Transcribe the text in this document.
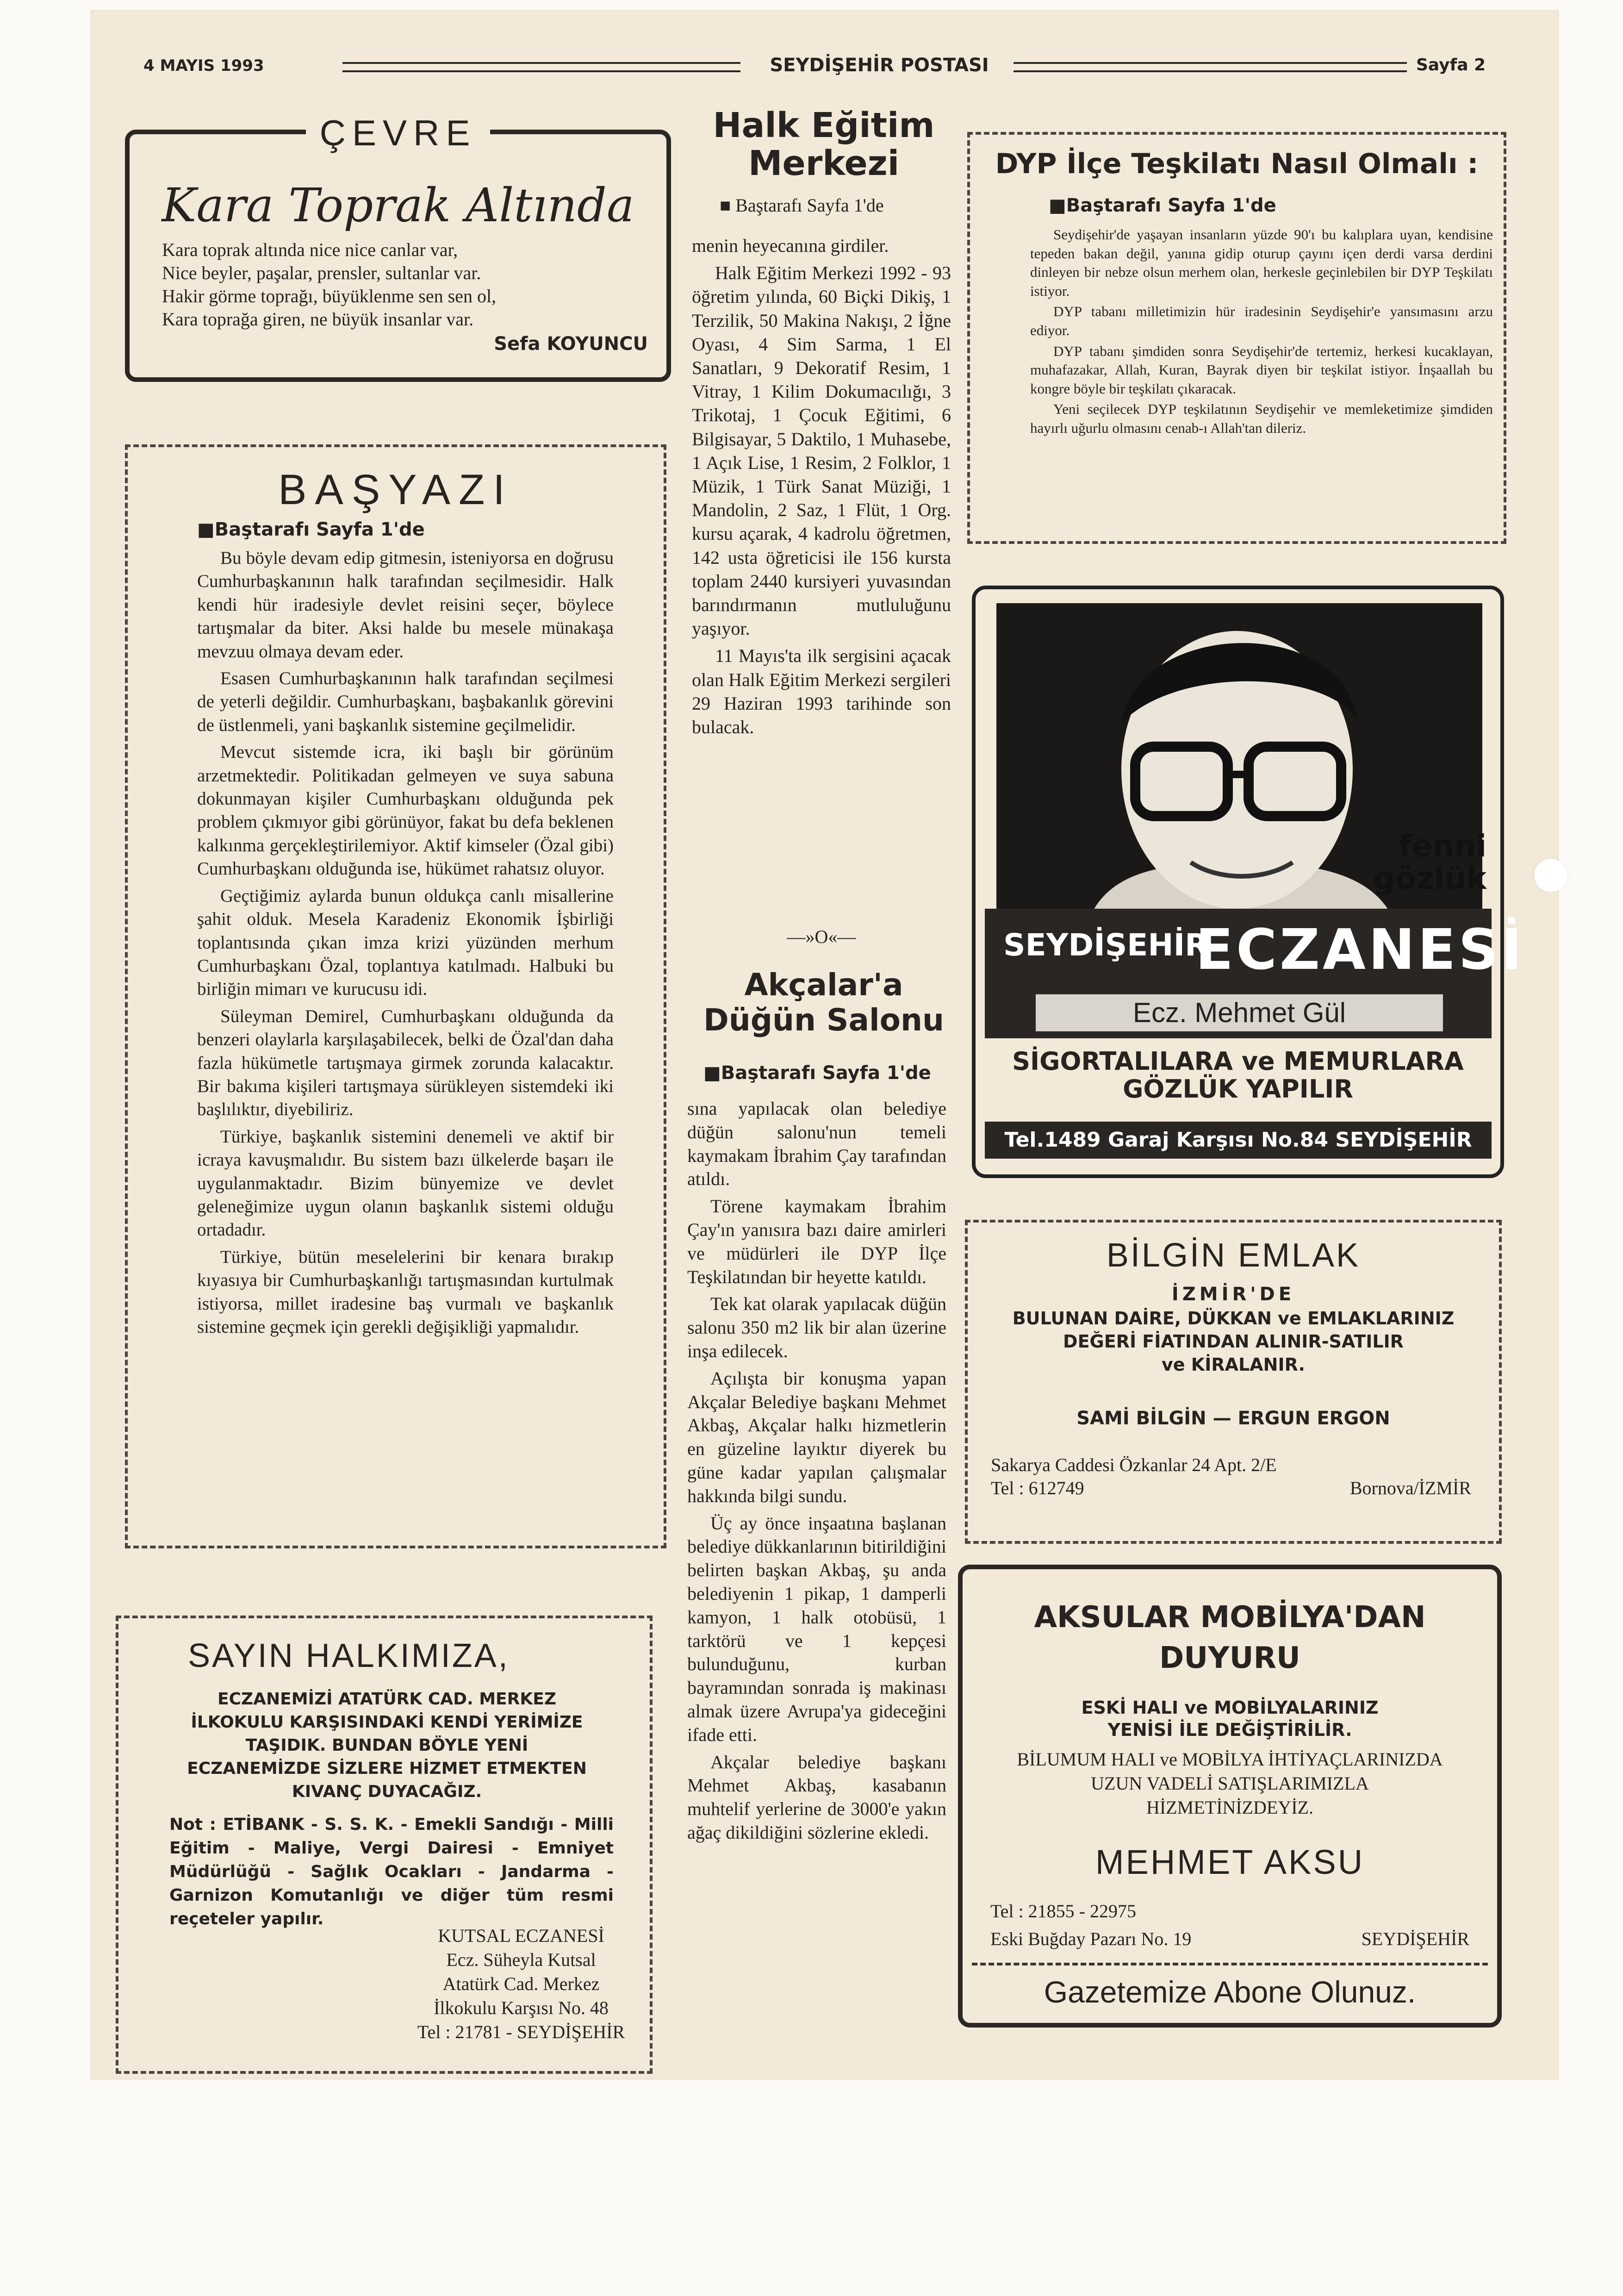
4 MAYIS 1993	SEYDİŞEHİR POSTASI	Sayfa 2
ÇEVRE
Kara Toprak Altında
Kara toprak altında nice nice canlar var,
Nice beyler, paşalar, prensler, sultanlar var.
Hakir görme toprağı, büyüklenme sen sen ol,
Kara toprağa giren, ne büyük insanlar var.
Sefa KOYUNCU
BAŞYAZI
■Baştarafı Sayfa 1'de

Bu böyle devam edip gitmesin, isteniyorsa en doğrusu Cumhurbaşkanının halk tarafından seçilmesidir. Halk kendi hür iradesiyle devlet reisini seçer, böylece tartışmalar da biter. Aksi halde bu mesele münakaşa mevzuu olmaya devam eder.

Esasen Cumhurbaşkanının halk tarafından seçilmesi de yeterli değildir. Cumhurbaşkanı, başbakanlık görevini de üstlenmeli, yani başkanlık sistemine geçilmelidir.

Mevcut sistemde icra, iki başlı bir görünüm arzetmektedir. Politikadan gelmeyen ve suya sabuna dokunmayan kişiler Cumhurbaşkanı olduğunda pek problem çıkmıyor gibi görünüyor, fakat bu defa beklenen kalkınma gerçekleştirilemiyor. Aktif kimseler (Özal gibi) Cumhurbaşkanı olduğunda ise, hükümet rahatsız oluyor.

Geçtiğimiz aylarda bunun oldukça canlı misallerine şahit olduk. Mesela Karadeniz Ekonomik İşbirliği toplantısında çıkan imza krizi yüzünden merhum Cumhurbaşkanı Özal, toplantıya katılmadı. Halbuki bu birliğin mimarı ve kurucusu idi.

Süleyman Demirel, Cumhurbaşkanı olduğunda da benzeri olaylarla karşılaşabilecek, belki de Özal'dan daha fazla hükümetle tartışmaya girmek zorunda kalacaktır. Bir bakıma kişileri tartışmaya sürükleyen sistemdeki iki başlılıktır, diyebiliriz.

Türkiye, başkanlık sistemini denemeli ve aktif bir icraya kavuşmalıdır. Bu sistem bazı ülkelerde başarı ile uygulanmaktadır. Bizim bünyemize ve devlet geleneğimize uygun olanın başkanlık sistemi olduğu ortadadır.

Türkiye, bütün meselelerini bir kenara bırakıp kıyasıya bir Cumhurbaşkanlığı tartışmasından kurtulmak istiyorsa, millet iradesine baş vurmalı ve başkanlık sistemine geçmek için gerekli değişikliği yapmalıdır.

SAYIN HALKIMIZA,
ECZANEMİZİ ATATÜRK CAD. MERKEZ İLKOKULU KARŞISINDAKİ KENDİ YERİMİZE TAŞIDIK. BUNDAN BÖYLE YENİ ECZANEMİZDE SİZLERE HİZMET ETMEKTEN KIVANÇ DUYACAĞIZ.
Not : ETİBANK - S. S. K. - Emekli Sandığı - Milli Eğitim - Maliye, Vergi Dairesi - Emniyet Müdürlüğü - Sağlık Ocakları - Jandarma - Garnizon Komutanlığı ve diğer tüm resmi reçeteler yapılır.
KUTSAL ECZANESİ
Ecz. Süheyla Kutsal
Atatürk Cad. Merkez
İlkokulu Karşısı No. 48
Tel : 21781 - SEYDİŞEHİR
Halk Eğitim
Merkezi
■ Baştarafı Sayfa 1'de

menin heyecanına girdiler.

Halk Eğitim Merkezi 1992 - 93 öğretim yılında, 60 Biçki Dikiş, 1 Terzilik, 50 Makina Nakışı, 2 İğne Oyası, 4 Sim Sarma, 1 El Sanatları, 9 Dekoratif Resim, 1 Vitray, 1 Kilim Dokumacılığı, 3 Trikotaj, 1 Çocuk Eğitimi, 6 Bilgisayar, 5 Daktilo, 1 Muhasebe, 1 Açık Lise, 1 Resim, 2 Folklor, 1 Müzik, 1 Türk Sanat Müziği, 1 Mandolin, 2 Saz, 1 Flüt, 1 Org. kursu açarak, 4 kadrolu öğretmen, 142 usta öğreticisi ile 156 kursta toplam 2440 kursiyeri yuvasından barındırmanın mutluluğunu yaşıyor.

11 Mayıs'ta ilk sergisini açacak olan Halk Eğitim Merkezi sergileri 29 Haziran 1993 tarihinde son bulacak.

—»O«—
Akçalar'a
Düğün Salonu
■Baştarafı Sayfa 1'de

sına yapılacak olan belediye düğün salonu'nun temeli kaymakam İbrahim Çay tarafından atıldı.

Törene kaymakam İbrahim Çay'ın yanısıra bazı daire amirleri ve müdürleri ile DYP İlçe Teşkilatından bir heyette katıldı.

Tek kat olarak yapılacak düğün salonu 350 m2 lik bir alan üzerine inşa edilecek.

Açılışta bir konuşma yapan Akçalar Belediye başkanı Mehmet Akbaş, Akçalar halkı hizmetlerin en güzeline layıktır diyerek bu güne kadar yapılan çalışmalar hakkında bilgi sundu.

Üç ay önce inşaatına başlanan belediye dükkanlarının bitirildiğini belirten başkan Akbaş, şu anda belediyenin 1 pikap, 1 damperli kamyon, 1 halk otobüsü, 1 tarktörü ve 1 kepçesi bulunduğunu, kurban bayramından sonrada iş makinası almak üzere Avrupa'ya gideceğini ifade etti.

Akçalar belediye başkanı Mehmet Akbaş, kasabanın muhtelif yerlerine de 3000'e yakın ağaç dikildiğini sözlerine ekledi.

DYP İlçe Teşkilatı Nasıl Olmalı :
■Baştarafı Sayfa 1'de

Seydişehir'de yaşayan insanların yüzde 90'ı bu kalıplara uyan, kendisine tepeden bakan değil, yanına gidip oturup çayını içen derdi varsa derdini dinleyen bir nebze olsun merhem olan, herkesle geçinlebilen bir DYP Teşkilatı istiyor.

DYP tabanı milletimizin hür iradesinin Seydişehir'e yansımasını arzu ediyor.

DYP tabanı şimdiden sonra Seydişehir'de tertemiz, herkesi kucaklayan, muhafazakar, Allah, Kuran, Bayrak diyen bir teşkilat istiyor. İnşaallah bu kongre böyle bir teşkilatı çıkaracak.

Yeni seçilecek DYP teşkilatının Seydişehir ve memleketimize şimdiden hayırlı uğurlu olmasını cenab-ı Allah'tan dileriz.

fenni
gözlük
SEYDİŞEHİR
ECZANESİ
Ecz. Mehmet Gül
SİGORTALILARA ve MEMURLARA
GÖZLÜK YAPILIR
Tel.1489 Garaj Karşısı No.84 SEYDİŞEHİR
BİLGİN EMLAK
İZMİR'DE
BULUNAN DAİRE, DÜKKAN ve EMLAKLARINIZ
DEĞERİ FİATINDAN ALINIR-SATILIR
ve KİRALANIR.
SAMİ BİLGİN — ERGUN ERGON
Sakarya Caddesi Özkanlar 24 Apt. 2/E
Tel : 612749	Bornova/İZMİR
AKSULAR MOBİLYA'DAN
DUYURU
ESKİ HALI ve MOBİLYALARINIZ
YENİSİ İLE DEĞİŞTİRİLİR.
BİLUMUM HALI ve MOBİLYA İHTİYAÇLARINIZDA
UZUN VADELİ SATIŞLARIMIZLA
HİZMETİNİZDEYİZ.
MEHMET AKSU
Tel : 21855 - 22975
Eski Buğday Pazarı No. 19	SEYDİŞEHİR
Gazetemize Abone Olunuz.
